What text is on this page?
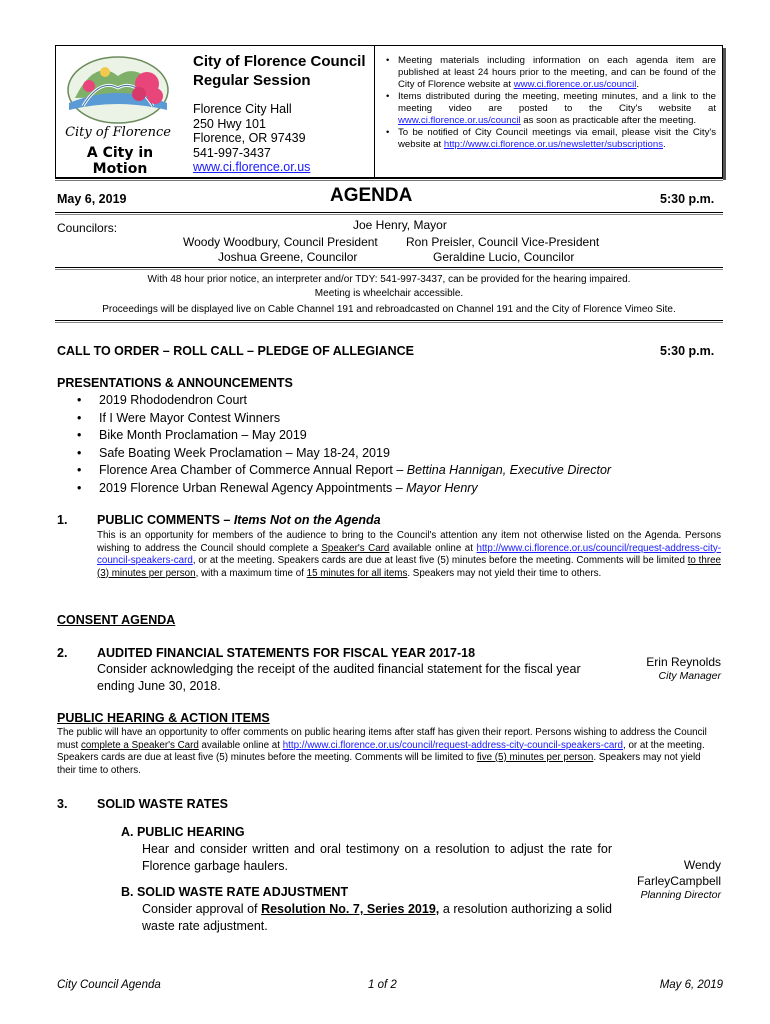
City of Florence
A City in Motion
City of Florence Council
Regular Session
Florence City Hall
250 Hwy 101
Florence, OR 97439
541-997-3437
www.ci.florence.or.us
• Meeting materials including information on each agenda item are published at least 24 hours prior to the meeting, and can be found of the City of Florence website at www.ci.florence.or.us/council.
• Items distributed during the meeting, meeting minutes, and a link to the meeting video are posted to the City's website at www.ci.florence.or.us/council as soon as practicable after the meeting.
• To be notified of City Council meetings via email, please visit the City's website at http://www.ci.florence.or.us/newsletter/subscriptions.
May 6, 2019	AGENDA	5:30 p.m.
Councilors:	Joe Henry, Mayor
Woody Woodbury, Council President Ron Preisler, Council Vice-President
Joshua Greene, Councilor	Geraldine Lucio, Councilor
With 48 hour prior notice, an interpreter and/or TDY: 541-997-3437, can be provided for the hearing impaired.
Meeting is wheelchair accessible.
Proceedings will be displayed live on Cable Channel 191 and rebroadcasted on Channel 191 and the City of Florence Vimeo Site.
CALL TO ORDER – ROLL CALL – PLEDGE OF ALLEGIANCE	5:30 p.m.
PRESENTATIONS & ANNOUNCEMENTS
• 2019 Rhododendron Court
• If I Were Mayor Contest Winners
• Bike Month Proclamation – May 2019
• Safe Boating Week Proclamation – May 18-24, 2019
• Florence Area Chamber of Commerce Annual Report – Bettina Hannigan, Executive Director
• 2019 Florence Urban Renewal Agency Appointments – Mayor Henry
1. PUBLIC COMMENTS – Items Not on the Agenda
This is an opportunity for members of the audience to bring to the Council's attention any item not otherwise listed on the Agenda. Persons wishing to address the Council should complete a Speaker's Card available online at http://www.ci.florence.or.us/council/request-address-city-council-speakers-card, or at the meeting. Speakers cards are due at least five (5) minutes before the meeting. Comments will be limited to three (3) minutes per person, with a maximum time of 15 minutes for all items. Speakers may not yield their time to others.
CONSENT AGENDA
2. AUDITED FINANCIAL STATEMENTS FOR FISCAL YEAR 2017-18
Consider acknowledging the receipt of the audited financial statement for the fiscal year ending June 30, 2018.
Erin Reynolds
City Manager
PUBLIC HEARING & ACTION ITEMS
The public will have an opportunity to offer comments on public hearing items after staff has given their report. Persons wishing to address the Council must complete a Speaker's Card available online at http://www.ci.florence.or.us/council/request-address-city-council-speakers-card, or at the meeting. Speakers cards are due at least five (5) minutes before the meeting. Comments will be limited to five (5) minutes per person. Speakers may not yield their time to others.
3. SOLID WASTE RATES
A. PUBLIC HEARING
Hear and consider written and oral testimony on a resolution to adjust the rate for Florence garbage haulers.
B. SOLID WASTE RATE ADJUSTMENT
Consider approval of Resolution No. 7, Series 2019, a resolution authorizing a solid waste rate adjustment.
Wendy
FarleyCampbell
Planning Director
City Council Agenda	1 of 2	May 6, 2019
